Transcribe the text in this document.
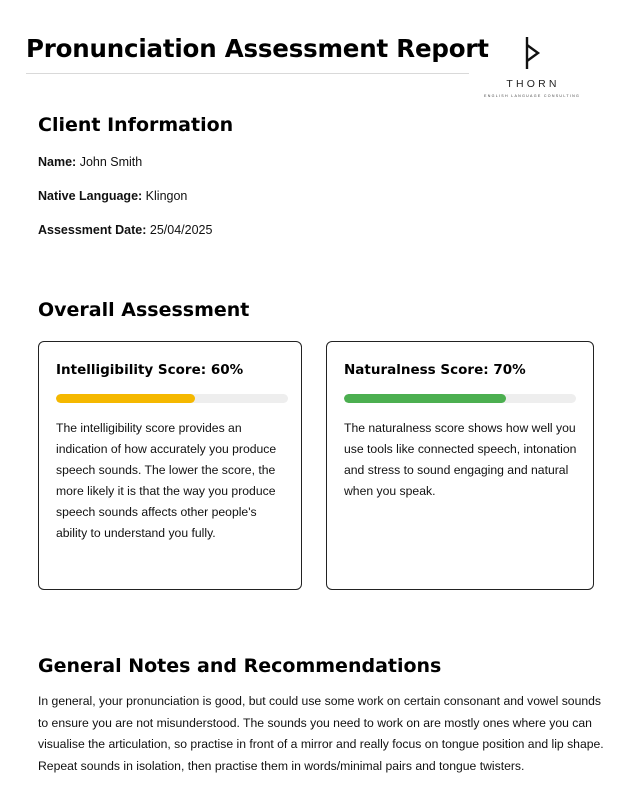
Pronunciation Assessment Report
THORN
ENGLISH LANGUAGE CONSULTING
Client Information
Name: John Smith
Native Language: Klingon
Assessment Date: 25/04/2025
Overall Assessment
Intelligibility Score: 60%

The intelligibility score provides an indication of how accurately you produce speech sounds. The lower the score, the more likely it is that the way you produce speech sounds affects other people's ability to understand you fully.

Naturalness Score: 70%

The naturalness score shows how well you use tools like connected speech, intonation and stress to sound engaging and natural when you speak.

General Notes and Recommendations

In general, your pronunciation is good, but could use some work on certain consonant and vowel sounds to ensure you are not misunderstood. The sounds you need to work on are mostly ones where you can visualise the articulation, so practise in front of a mirror and really focus on tongue position and lip shape. Repeat sounds in isolation, then practise them in words/minimal pairs and tongue twisters.
